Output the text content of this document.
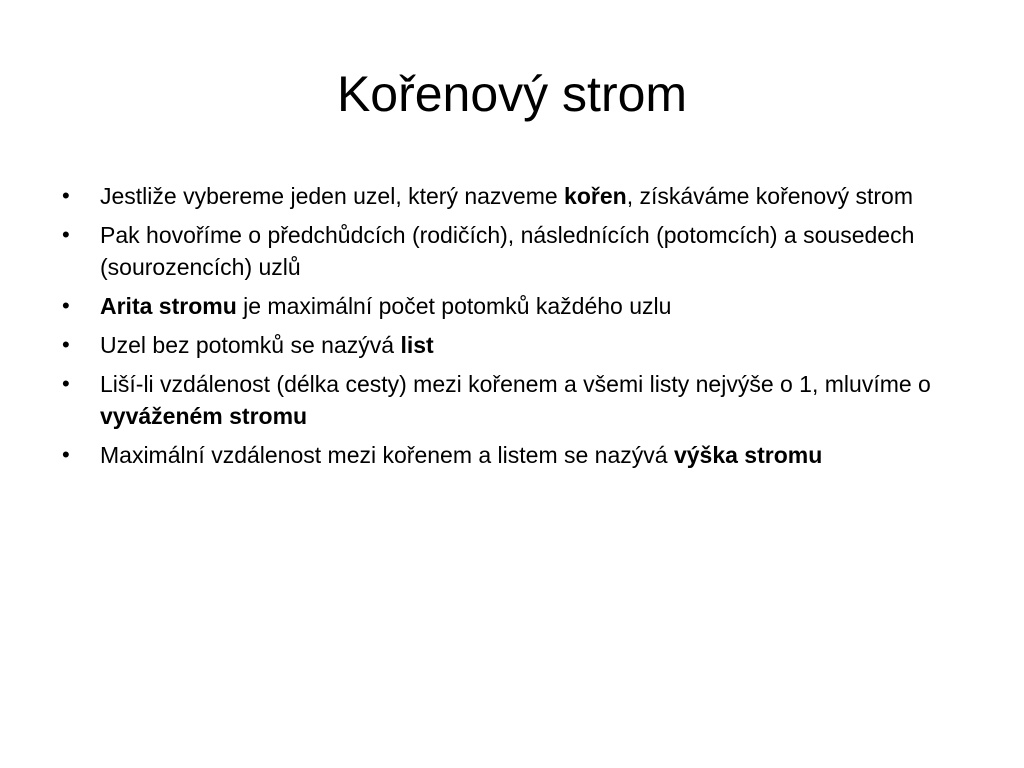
Kořenový strom
• Jestliže vybereme jeden uzel, který nazveme kořen, získáváme kořenový strom
• Pak hovoříme o předchůdcích (rodičích), následnících (potomcích) a sousedech (sourozencích) uzlů
• Arita stromu je maximální počet potomků každého uzlu
• Uzel bez potomků se nazývá list
• Liší-li vzdálenost (délka cesty) mezi kořenem a všemi listy nejvýše o 1, mluvíme o vyváženém stromu
• Maximální vzdálenost mezi kořenem a listem se nazývá výška stromu
